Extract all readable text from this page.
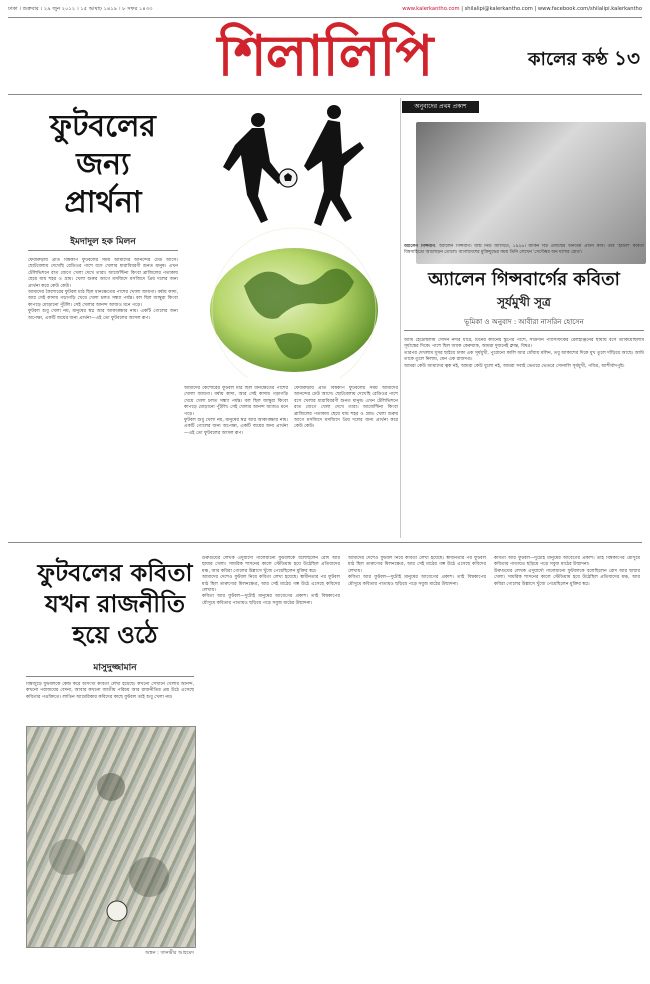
ঢাকা । শুক্রবার । ২৯ জুন ২০১২ । ১৫ আষাঢ় ১৪১৯ । ৮ সফর ১৪৩৩	www.kalerkantho.com | shilalipi@kalerkantho.com | www.facebook.com/shilalipi.kalerkantho
শিলালিপি	কালের কণ্ঠ ১৩
ফুটবলের
জন্য
প্রার্থনা
ইমদাদুল হক মিলন

ফেবারুড়ায় প্রতি বিশ্বকাপ ফুটবলের সময় আমাদের আনন্দের ঢেউ আসে। ছোটবেলায় দেখেছি রেডিওর পাশে বসে খেলার ধারাবিবরণী শুনত মানুষ। এখন টেলিভিশনে রাত জেগে খেলা দেখে তারা। আর্জেন্টিনা কিংবা ব্রাজিলের পতাকায় ছেয়ে যায় শহর ও গ্রাম। খেলা শুরুর আগে মসজিদে মসজিদে প্রিয় দলের জন্য প্রার্থনা করে কেউ কেউ।

আমাদের কৈশোরের ফুটবল মাঠ ছিল ধানক্ষেতের পাশের খোলা জায়গা। বর্ষায় কাদা, আর সেই কাদায় গড়াগড়ি খেয়ে খেলা চলত সন্ধ্যা পর্যন্ত। বল ছিল জাম্বুরা কিংবা কাপড়ে মোড়ানো পুঁটলি। সেই খেলার আনন্দ আজও মনে পড়ে।

ফুটবল শুধু খেলা নয়, মানুষের স্বপ্ন আর আকাঙ্ক্ষার নাম। একটি গোলের জন্য অপেক্ষা, একটি জয়ের জন্য প্রার্থনা—এই তো ফুটবলের আসল রূপ।

অনুবাদের প্রথম প্রকাশ
অ্যালেন গিন্সবার্গ. অ্যালেন গিন্সবার্গ। জন্ম নিউ জার্সিতে, ১৯২৬। মার্কিন বিট প্রজন্মের অন্যতম প্রধান কবি। তাঁর 'হাউল' কবিতা বিশ্বসাহিত্যে আলোড়ন তোলে। বাংলাদেশের মুক্তিযুদ্ধের সময় তিনি লেখেন 'সেপ্টেম্বর অন যশোর রোড'।
অ্যালেন গিন্সবার্গের কবিতা
সূর্যমুখী সূত্র
ভূমিকা ও অনুবাদ : আবীরা নাসরিন হোসেন

আমি হেঁটেছিলাম সেদিন নদীর ধারে, টিনের ক্যানের স্তূপের পাশে, সাউদার্ন প্যাসিফিকের রেলইঞ্জিনের ছায়ায় বসে তাকিয়েছিলাম সূর্যাস্তের দিকে। পাশে ছিল জ্যাক কেরুয়াক, আমরা দুজনেই ক্লান্ত, বিষণ্ণ।

তারপর দেখলাম ধূসর ছাইয়ে ঢাকা এক সূর্যমুখী, পুরোনো কালি আর ধোঁয়ায় মলিন, তবু আকাশের দিকে মুখ তুলে দাঁড়িয়ে আছে। আমি তাকে তুলে নিলাম, যেন এক রাজদণ্ড।

আমরা কেউ আমাদের ত্বক নই, আমরা কেউ ধুলো নই, আমরা সবাই ভেতরে ভেতরে সোনালি সূর্যমুখী, পবিত্র, আশীর্বাদপুষ্ট।

আমাদের কৈশোরের ফুটবল মাঠ ছিল ধানক্ষেতের পাশের খোলা জায়গা। বর্ষায় কাদা, আর সেই কাদায় গড়াগড়ি খেয়ে খেলা চলত সন্ধ্যা পর্যন্ত। বল ছিল জাম্বুরা কিংবা কাপড়ে মোড়ানো পুঁটলি। সেই খেলার আনন্দ আজও মনে পড়ে।

ফুটবল শুধু খেলা নয়, মানুষের স্বপ্ন আর আকাঙ্ক্ষার নাম। একটি গোলের জন্য অপেক্ষা, একটি জয়ের জন্য প্রার্থনা—এই তো ফুটবলের আসল রূপ।

ফেবারুড়ায় প্রতি বিশ্বকাপ ফুটবলের সময় আমাদের আনন্দের ঢেউ আসে। ছোটবেলায় দেখেছি রেডিওর পাশে বসে খেলার ধারাবিবরণী শুনত মানুষ। এখন টেলিভিশনে রাত জেগে খেলা দেখে তারা। আর্জেন্টিনা কিংবা ব্রাজিলের পতাকায় ছেয়ে যায় শহর ও গ্রাম। খেলা শুরুর আগে মসজিদে মসজিদে প্রিয় দলের জন্য প্রার্থনা করে কেউ কেউ।

ফুটবলের কবিতা
যখন রাজনীতি
হয়ে ওঠে
মাসুদুজ্জামান

বিশ্বজুড়ে ফুটবলকে কেন্দ্র করে অসংখ্য কবিতা লেখা হয়েছে। কখনো সেখানে খেলার আনন্দ, কখনো পরাজয়ের বেদনা, আবার কখনো জাতীয় পরিচয় আর রাজনীতির প্রশ্ন উঠে এসেছে কবিতার পঙক্তিতে। লাতিন আমেরিকার কবিদের কাছে ফুটবল তাই শুধু খেলা নয়।

অঙ্কন : তানভীর আহমেদ

উরুগুয়ের লেখক এদুয়ার্দো গালেয়ানো ফুটবলকে বলেছিলেন রোদ আর ছায়ার খেলা। সামরিক শাসনের কালে স্টেডিয়াম হয়ে উঠেছিল প্রতিবাদের মঞ্চ, আর কবিরা গোলের উল্লাসে খুঁজে পেয়েছিলেন মুক্তির স্বপ্ন।

আমাদের দেশেও ফুটবল নিয়ে কবিতা লেখা হয়েছে। স্বাধীনতার পর ফুটবল মাঠ ছিল তারুণ্যের মিলনক্ষেত্র, আর সেই মাঠের গল্প উঠে এসেছে কবিদের লেখায়।

কবিতা আর ফুটবল—দুটোই মানুষের আবেগের প্রকাশ। তাই বিশ্বকাপের মৌসুমে কবিতার পাতায়ও ছড়িয়ে পড়ে সবুজ মাঠের উন্মাদনা।

আমাদের দেশেও ফুটবল নিয়ে কবিতা লেখা হয়েছে। স্বাধীনতার পর ফুটবল মাঠ ছিল তারুণ্যের মিলনক্ষেত্র, আর সেই মাঠের গল্প উঠে এসেছে কবিদের লেখায়।

কবিতা আর ফুটবল—দুটোই মানুষের আবেগের প্রকাশ। তাই বিশ্বকাপের মৌসুমে কবিতার পাতায়ও ছড়িয়ে পড়ে সবুজ মাঠের উন্মাদনা।

কবিতা আর ফুটবল—দুটোই মানুষের আবেগের প্রকাশ। তাই বিশ্বকাপের মৌসুমে কবিতার পাতায়ও ছড়িয়ে পড়ে সবুজ মাঠের উন্মাদনা।

উরুগুয়ের লেখক এদুয়ার্দো গালেয়ানো ফুটবলকে বলেছিলেন রোদ আর ছায়ার খেলা। সামরিক শাসনের কালে স্টেডিয়াম হয়ে উঠেছিল প্রতিবাদের মঞ্চ, আর কবিরা গোলের উল্লাসে খুঁজে পেয়েছিলেন মুক্তির স্বপ্ন।
